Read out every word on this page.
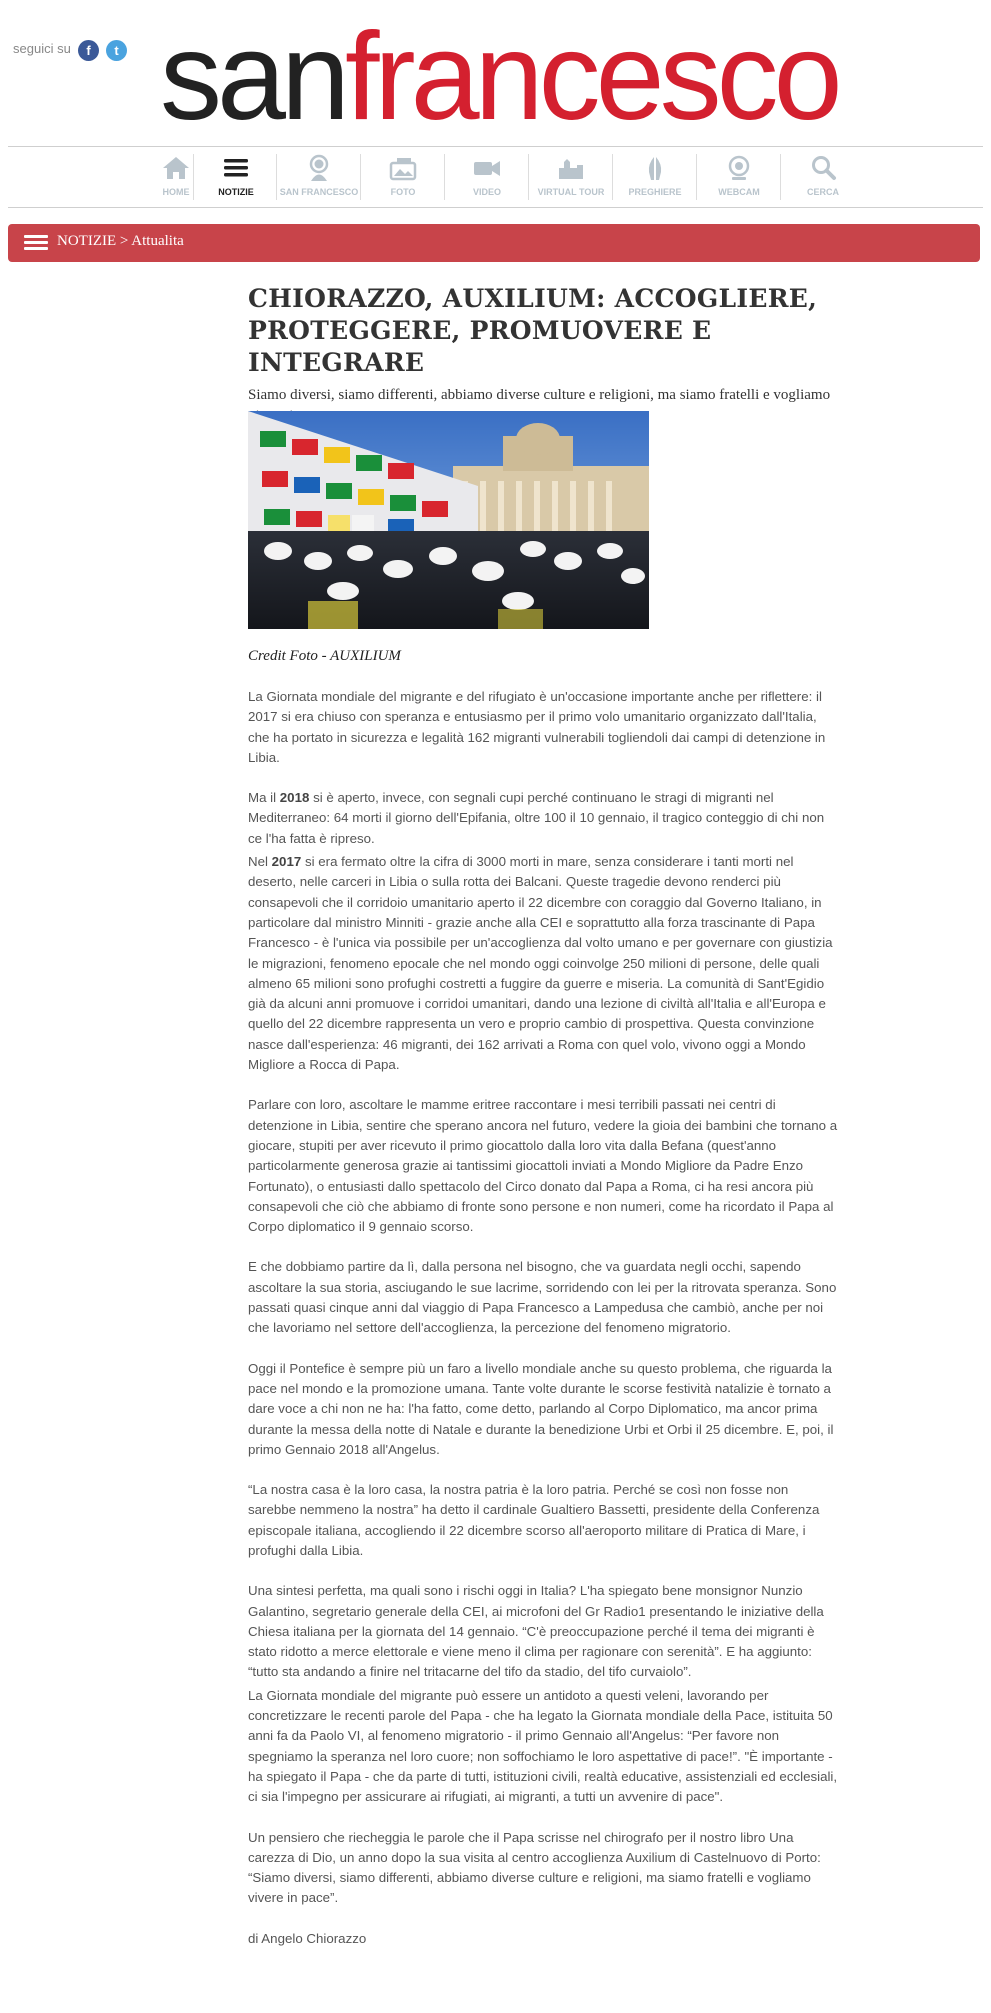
seguici su	f	t sanfrancesco
HOME	NOTIZIE	SAN FRANCESCO	FOTO	VIDEO	VIRTUAL TOUR	PREGHIERE	WEBCAM	CERCA
NOTIZIE > Attualita
CHIORAZZO, AUXILIUM: ACCOGLIERE, PROTEGGERE, PROMUOVERE E INTEGRARE

Siamo diversi, siamo differenti, abbiamo diverse culture e religioni, ma siamo fratelli e vogliamo

Credit Foto - AUXILIUM

La Giornata mondiale del migrante e del rifugiato è un'occasione importante anche per riflettere: il 2017 si era chiuso con speranza e entusiasmo per il primo volo umanitario organizzato dall'Italia, che ha portato in sicurezza e legalità 162 migranti vulnerabili togliendoli dai campi di detenzione in Libia.

Ma il 2018 si è aperto, invece, con segnali cupi perché continuano le stragi di migranti nel Mediterraneo: 64 morti il giorno dell'Epifania, oltre 100 il 10 gennaio, il tragico conteggio di chi non ce l'ha fatta è ripreso.

Nel 2017 si era fermato oltre la cifra di 3000 morti in mare, senza considerare i tanti morti nel deserto, nelle carceri in Libia o sulla rotta dei Balcani. Queste tragedie devono renderci più consapevoli che il corridoio umanitario aperto il 22 dicembre con coraggio dal Governo Italiano, in particolare dal ministro Minniti - grazie anche alla CEI e soprattutto alla forza trascinante di Papa Francesco - è l'unica via possibile per un'accoglienza dal volto umano e per governare con giustizia le migrazioni, fenomeno epocale che nel mondo oggi coinvolge 250 milioni di persone, delle quali almeno 65 milioni sono profughi costretti a fuggire da guerre e miseria. La comunità di Sant'Egidio già da alcuni anni promuove i corridoi umanitari, dando una lezione di civiltà all'Italia e all'Europa e quello del 22 dicembre rappresenta un vero e proprio cambio di prospettiva. Questa convinzione nasce dall'esperienza: 46 migranti, dei 162 arrivati a Roma con quel volo, vivono oggi a Mondo Migliore a Rocca di Papa.

Parlare con loro, ascoltare le mamme eritree raccontare i mesi terribili passati nei centri di detenzione in Libia, sentire che sperano ancora nel futuro, vedere la gioia dei bambini che tornano a giocare, stupiti per aver ricevuto il primo giocattolo dalla loro vita dalla Befana (quest'anno particolarmente generosa grazie ai tantissimi giocattoli inviati a Mondo Migliore da Padre Enzo Fortunato), o entusiasti dallo spettacolo del Circo donato dal Papa a Roma, ci ha resi ancora più consapevoli che ciò che abbiamo di fronte sono persone e non numeri, come ha ricordato il Papa al Corpo diplomatico il 9 gennaio scorso.

E che dobbiamo partire da lì, dalla persona nel bisogno, che va guardata negli occhi, sapendo ascoltare la sua storia, asciugando le sue lacrime, sorridendo con lei per la ritrovata speranza. Sono passati quasi cinque anni dal viaggio di Papa Francesco a Lampedusa che cambiò, anche per noi che lavoriamo nel settore dell'accoglienza, la percezione del fenomeno migratorio.

Oggi il Pontefice è sempre più un faro a livello mondiale anche su questo problema, che riguarda la pace nel mondo e la promozione umana. Tante volte durante le scorse festività natalizie è tornato a dare voce a chi non ne ha: l'ha fatto, come detto, parlando al Corpo Diplomatico, ma ancor prima durante la messa della notte di Natale e durante la benedizione Urbi et Orbi il 25 dicembre. E, poi, il primo Gennaio 2018 all'Angelus.

“La nostra casa è la loro casa, la nostra patria è la loro patria. Perché se così non fosse non sarebbe nemmeno la nostra” ha detto il cardinale Gualtiero Bassetti, presidente della Conferenza episcopale italiana, accogliendo il 22 dicembre scorso all'aeroporto militare di Pratica di Mare, i profughi dalla Libia.

Una sintesi perfetta, ma quali sono i rischi oggi in Italia? L'ha spiegato bene monsignor Nunzio Galantino, segretario generale della CEI, ai microfoni del Gr Radio1 presentando le iniziative della Chiesa italiana per la giornata del 14 gennaio. “C'è preoccupazione perché il tema dei migranti è stato ridotto a merce elettorale e viene meno il clima per ragionare con serenità”. E ha aggiunto: “tutto sta andando a finire nel tritacarne del tifo da stadio, del tifo curvaiolo”.

La Giornata mondiale del migrante può essere un antidoto a questi veleni, lavorando per concretizzare le recenti parole del Papa - che ha legato la Giornata mondiale della Pace, istituita 50 anni fa da Paolo VI, al fenomeno migratorio - il primo Gennaio all'Angelus: “Per favore non spegniamo la speranza nel loro cuore; non soffochiamo le loro aspettative di pace!”. "È importante - ha spiegato il Papa - che da parte di tutti, istituzioni civili, realtà educative, assistenziali ed ecclesiali, ci sia l'impegno per assicurare ai rifugiati, ai migranti, a tutti un avvenire di pace".

Un pensiero che riecheggia le parole che il Papa scrisse nel chirografo per il nostro libro Una carezza di Dio, un anno dopo la sua visita al centro accoglienza Auxilium di Castelnuovo di Porto: “Siamo diversi, siamo differenti, abbiamo diverse culture e religioni, ma siamo fratelli e vogliamo vivere in pace”.

di Angelo Chiorazzo
